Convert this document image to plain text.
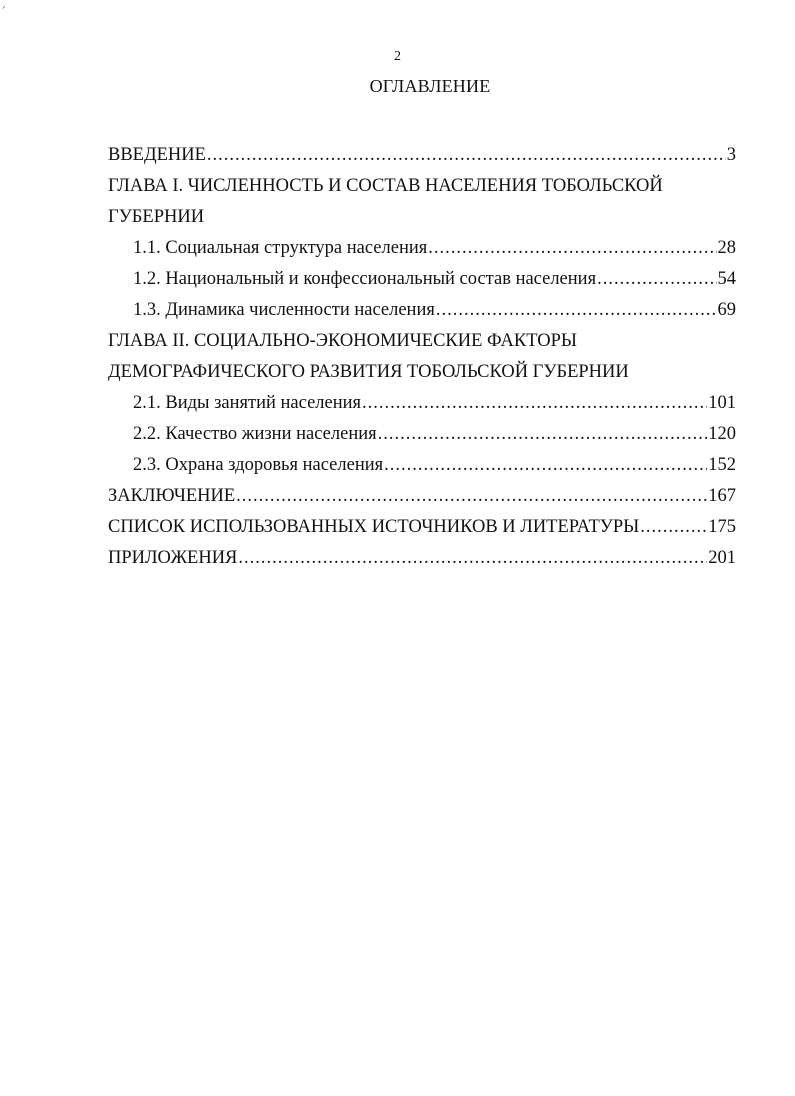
ᐟ
2
ОГЛАВЛЕНИЕ
ВВЕДЕНИЕ .....	3
ГЛАВА I. ЧИСЛЕННОСТЬ И СОСТАВ НАСЕЛЕНИЯ ТОБОЛЬСКОЙ
ГУБЕРНИИ
1.1. Социальная структура населения .....	28
1.2. Национальный и конфессиональный состав населения .....	54
1.3. Динамика численности населения .....	69
ГЛАВА II. СОЦИАЛЬНО-ЭКОНОМИЧЕСКИЕ ФАКТОРЫ
ДЕМОГРАФИЧЕСКОГО РАЗВИТИЯ ТОБОЛЬСКОЙ ГУБЕРНИИ
2.1. Виды занятий населения .....	101
2.2. Качество жизни населения .....	120
2.3. Охрана здоровья населения .....	152
ЗАКЛЮЧЕНИЕ .....	167
СПИСОК ИСПОЛЬЗОВАННЫХ ИСТОЧНИКОВ И ЛИТЕРАТУРЫ .....	175
ПРИЛОЖЕНИЯ .....	201
